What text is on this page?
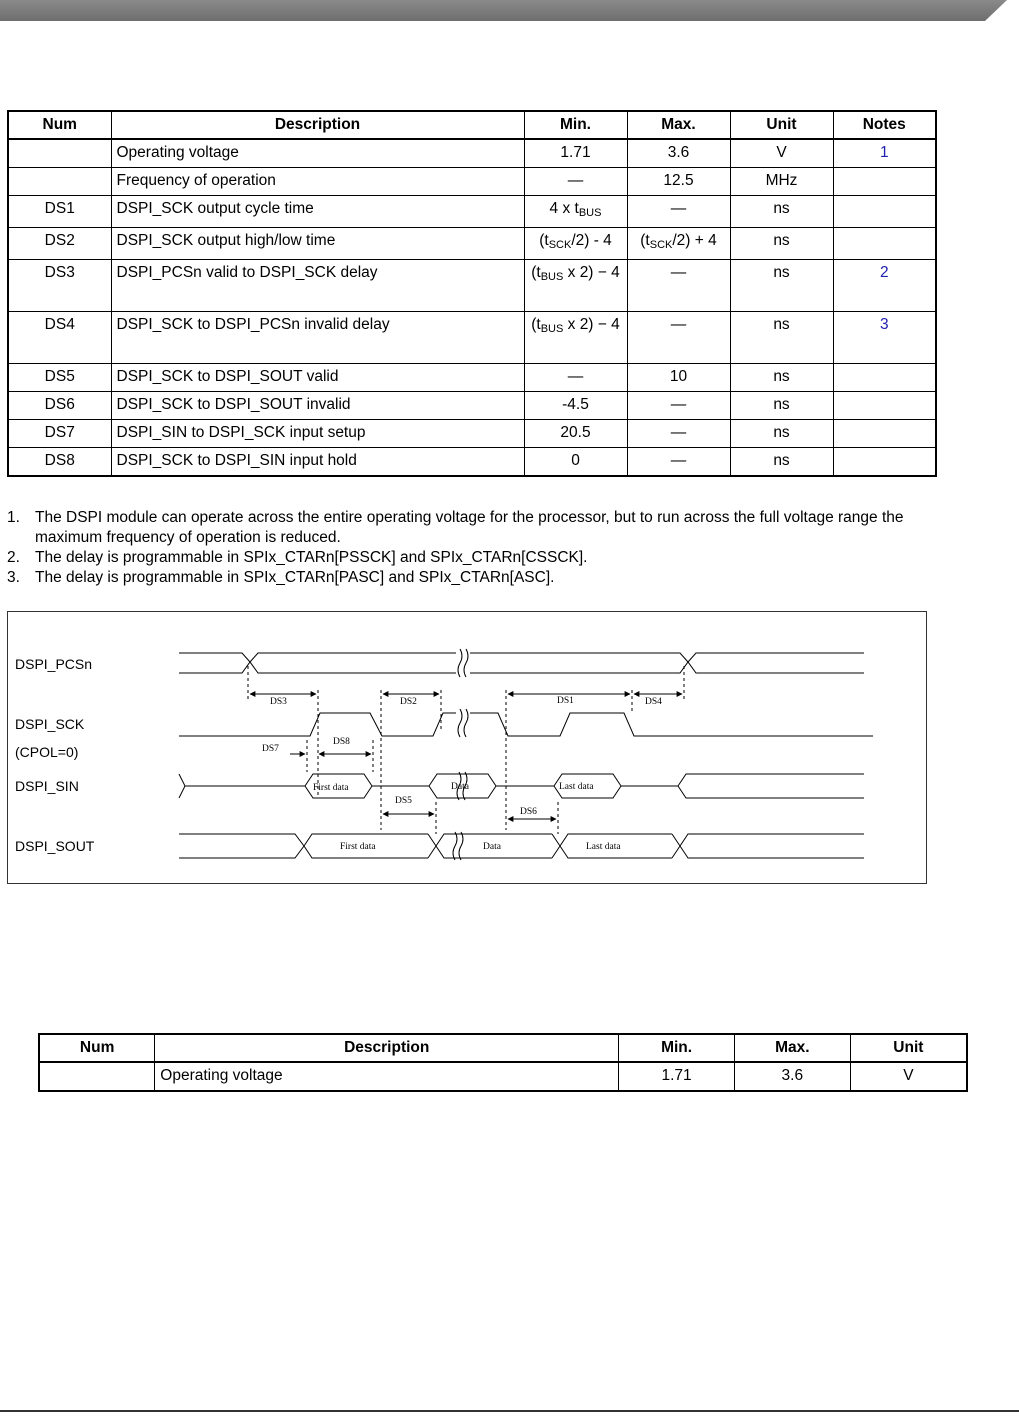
Num	Description	Min.	Max.	Unit	Notes
	Operating voltage	1.71	3.6	V	1
	Frequency of operation	—	12.5	MHz	
DS1	DSPI_SCK output cycle time	4 x $t_{BUS}$	—	ns	
DS2	DSPI_SCK output high/low time	$(t_{SCK}/2) - 4$	$(t_{SCK}/2) + 4$	ns	
DS3	DSPI_PCSn valid to DSPI_SCK delay	($t_{BUS}$ x 2) − 4	—	ns	2
DS4	DSPI_SCK to DSPI_PCSn invalid delay	($t_{BUS}$ x 2) − 4	—	ns	3
DS5	DSPI_SCK to DSPI_SOUT valid	—	10	ns	
DS6	DSPI_SCK to DSPI_SOUT invalid	-4.5	—	ns	
DS7	DSPI_SIN to DSPI_SCK input setup	20.5	—	ns	
DS8	DSPI_SCK to DSPI_SIN input hold	0	—	ns	
1. The DSPI module can operate across the entire operating voltage for the processor, but to run across the full voltage range the maximum frequency of operation is reduced.
2. The delay is programmable in SPIx_CTARn[PSSCK] and SPIx_CTARn[CSSCK].
3. The delay is programmable in SPIx_CTARn[PASC] and SPIx_CTARn[ASC].
DSPI_PCSn
DSPI_SCK
(CPOL=0)
DSPI_SIN
DSPI_SOUT
DS3	DS2	DS1	DS4
DS7
DS8
DS5
DS6
First data	Data	Last data
First data	Data	Last data
Num	Description	Min.	Max.	Unit
	Operating voltage	1.71	3.6	V
